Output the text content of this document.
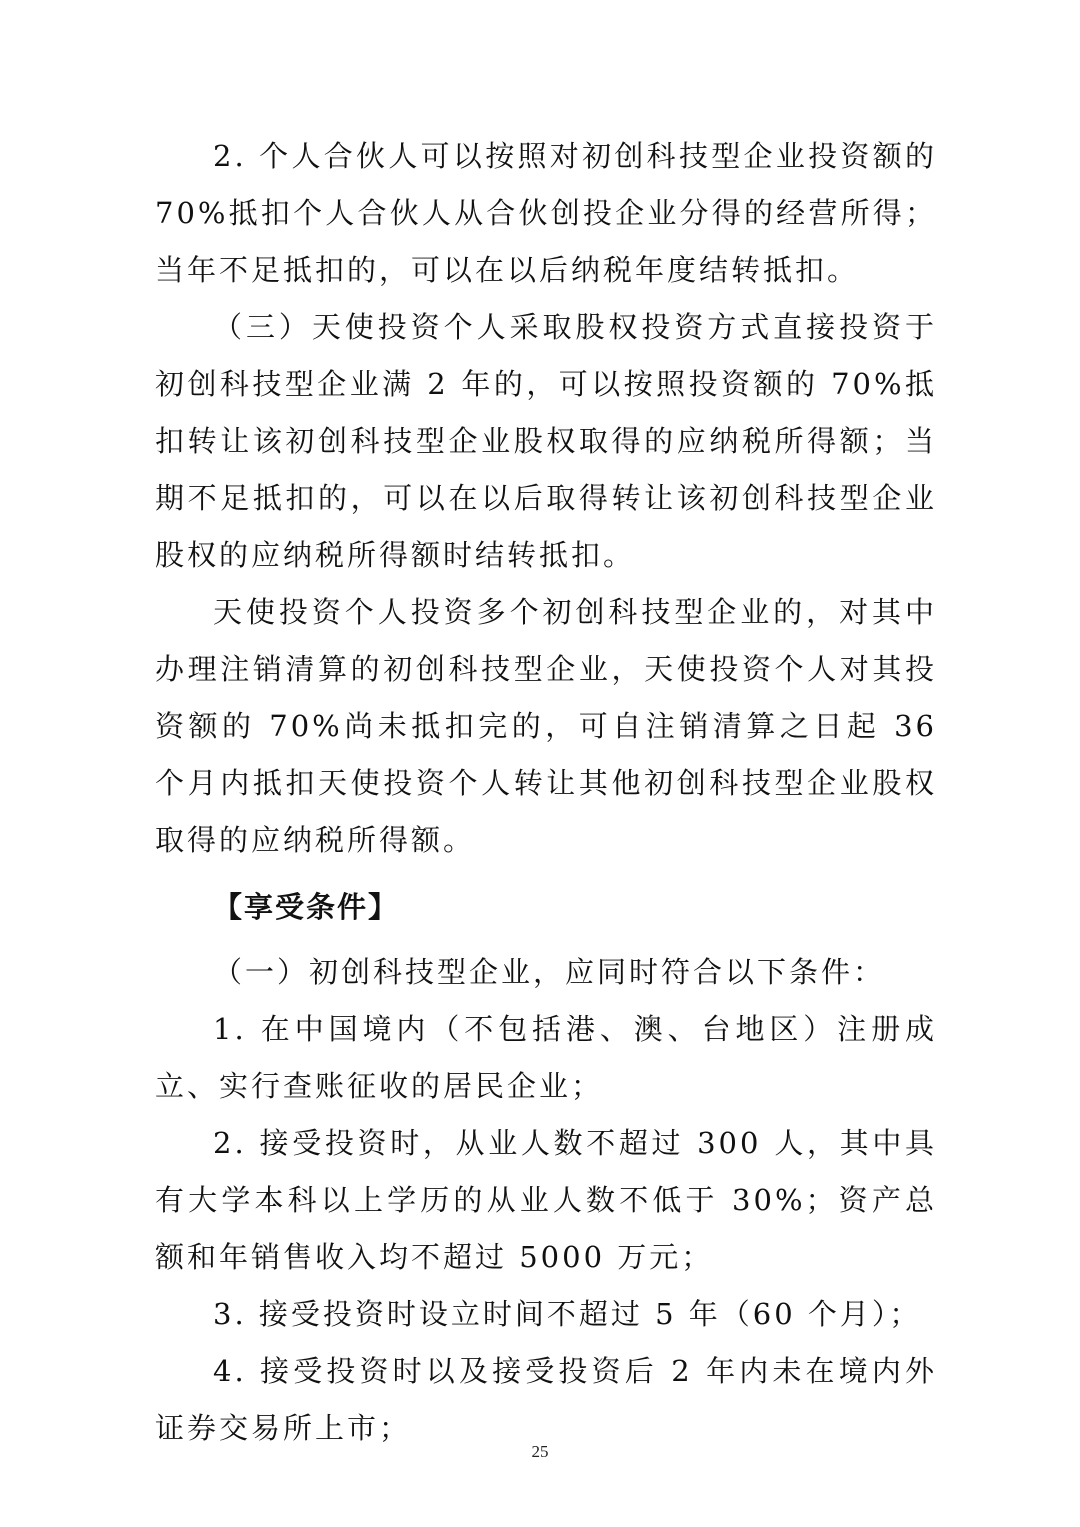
2. 个人合伙人可以按照对初创科技型企业投资额的 70%抵扣个人合伙人从合伙创投企业分得的经营所得；当年不足抵扣的，可以在以后纳税年度结转抵扣。

（三）天使投资个人采取股权投资方式直接投资于初创科技型企业满 2 年的，可以按照投资额的 70%抵扣转让该初创科技型企业股权取得的应纳税所得额；当期不足抵扣的，可以在以后取得转让该初创科技型企业股权的应纳税所得额时结转抵扣。

天使投资个人投资多个初创科技型企业的，对其中办理注销清算的初创科技型企业，天使投资个人对其投资额的 70%尚未抵扣完的，可自注销清算之日起 36 个月内抵扣天使投资个人转让其他初创科技型企业股权取得的应纳税所得额。

【享受条件】

（一）初创科技型企业，应同时符合以下条件：

1. 在中国境内（不包括港、澳、台地区）注册成立、实行查账征收的居民企业；

2. 接受投资时，从业人数不超过 300 人，其中具有大学本科以上学历的从业人数不低于 30%；资产总额和年销售收入均不超过 5000 万元；

3. 接受投资时设立时间不超过 5 年（60 个月）；

4. 接受投资时以及接受投资后 2 年内未在境内外证券交易所上市；

25
